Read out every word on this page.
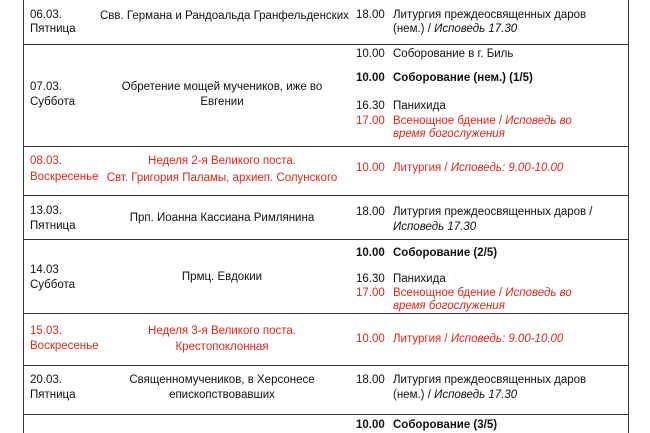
06.03.
Пятница
Свв. Германа и Рандоальда Гранфельденских 18.00 Литургия преждеосвященных даров
(нем.) / Исповедь 17.30
07.03.
Суббота
Обретение мощей мучеников, иже во
Евгении
10.00 Соборование в г. Биль
10.00 Соборование (нем.) (1/5)
16.30 Панихида
17.00 Всенощное бдение / Исповедь во
время богослужения
08.03.
Воскресенье
Неделя 2-я Великого поста.
Свт. Григория Паламы, архиеп. Солунского
10.00 Литургия / Исповедь: 9.00-10.00
13.03.
Пятница
Прп. Иоанна Кассиана Римлянина	18.00 Литургия преждеосвященных даров /
Исповедь 17.30
14.03
Суббота
Прмц. Евдокии
10.00 Соборование (2/5)
16.30 Панихида
17.00 Всенощное бдение / Исповедь во
время богослужения
15.03.
Воскресенье
Неделя 3-я Великого поста.
Крестопоклонная
10.00 Литургия / Исповедь: 9.00-10.00
20.03.
Пятница
Священномучеников, в Херсонесе
епископствовавших
18.00 Литургия преждеосвященных даров
(нем.) / Исповедь 17.30
10.00 Соборование (3/5)
